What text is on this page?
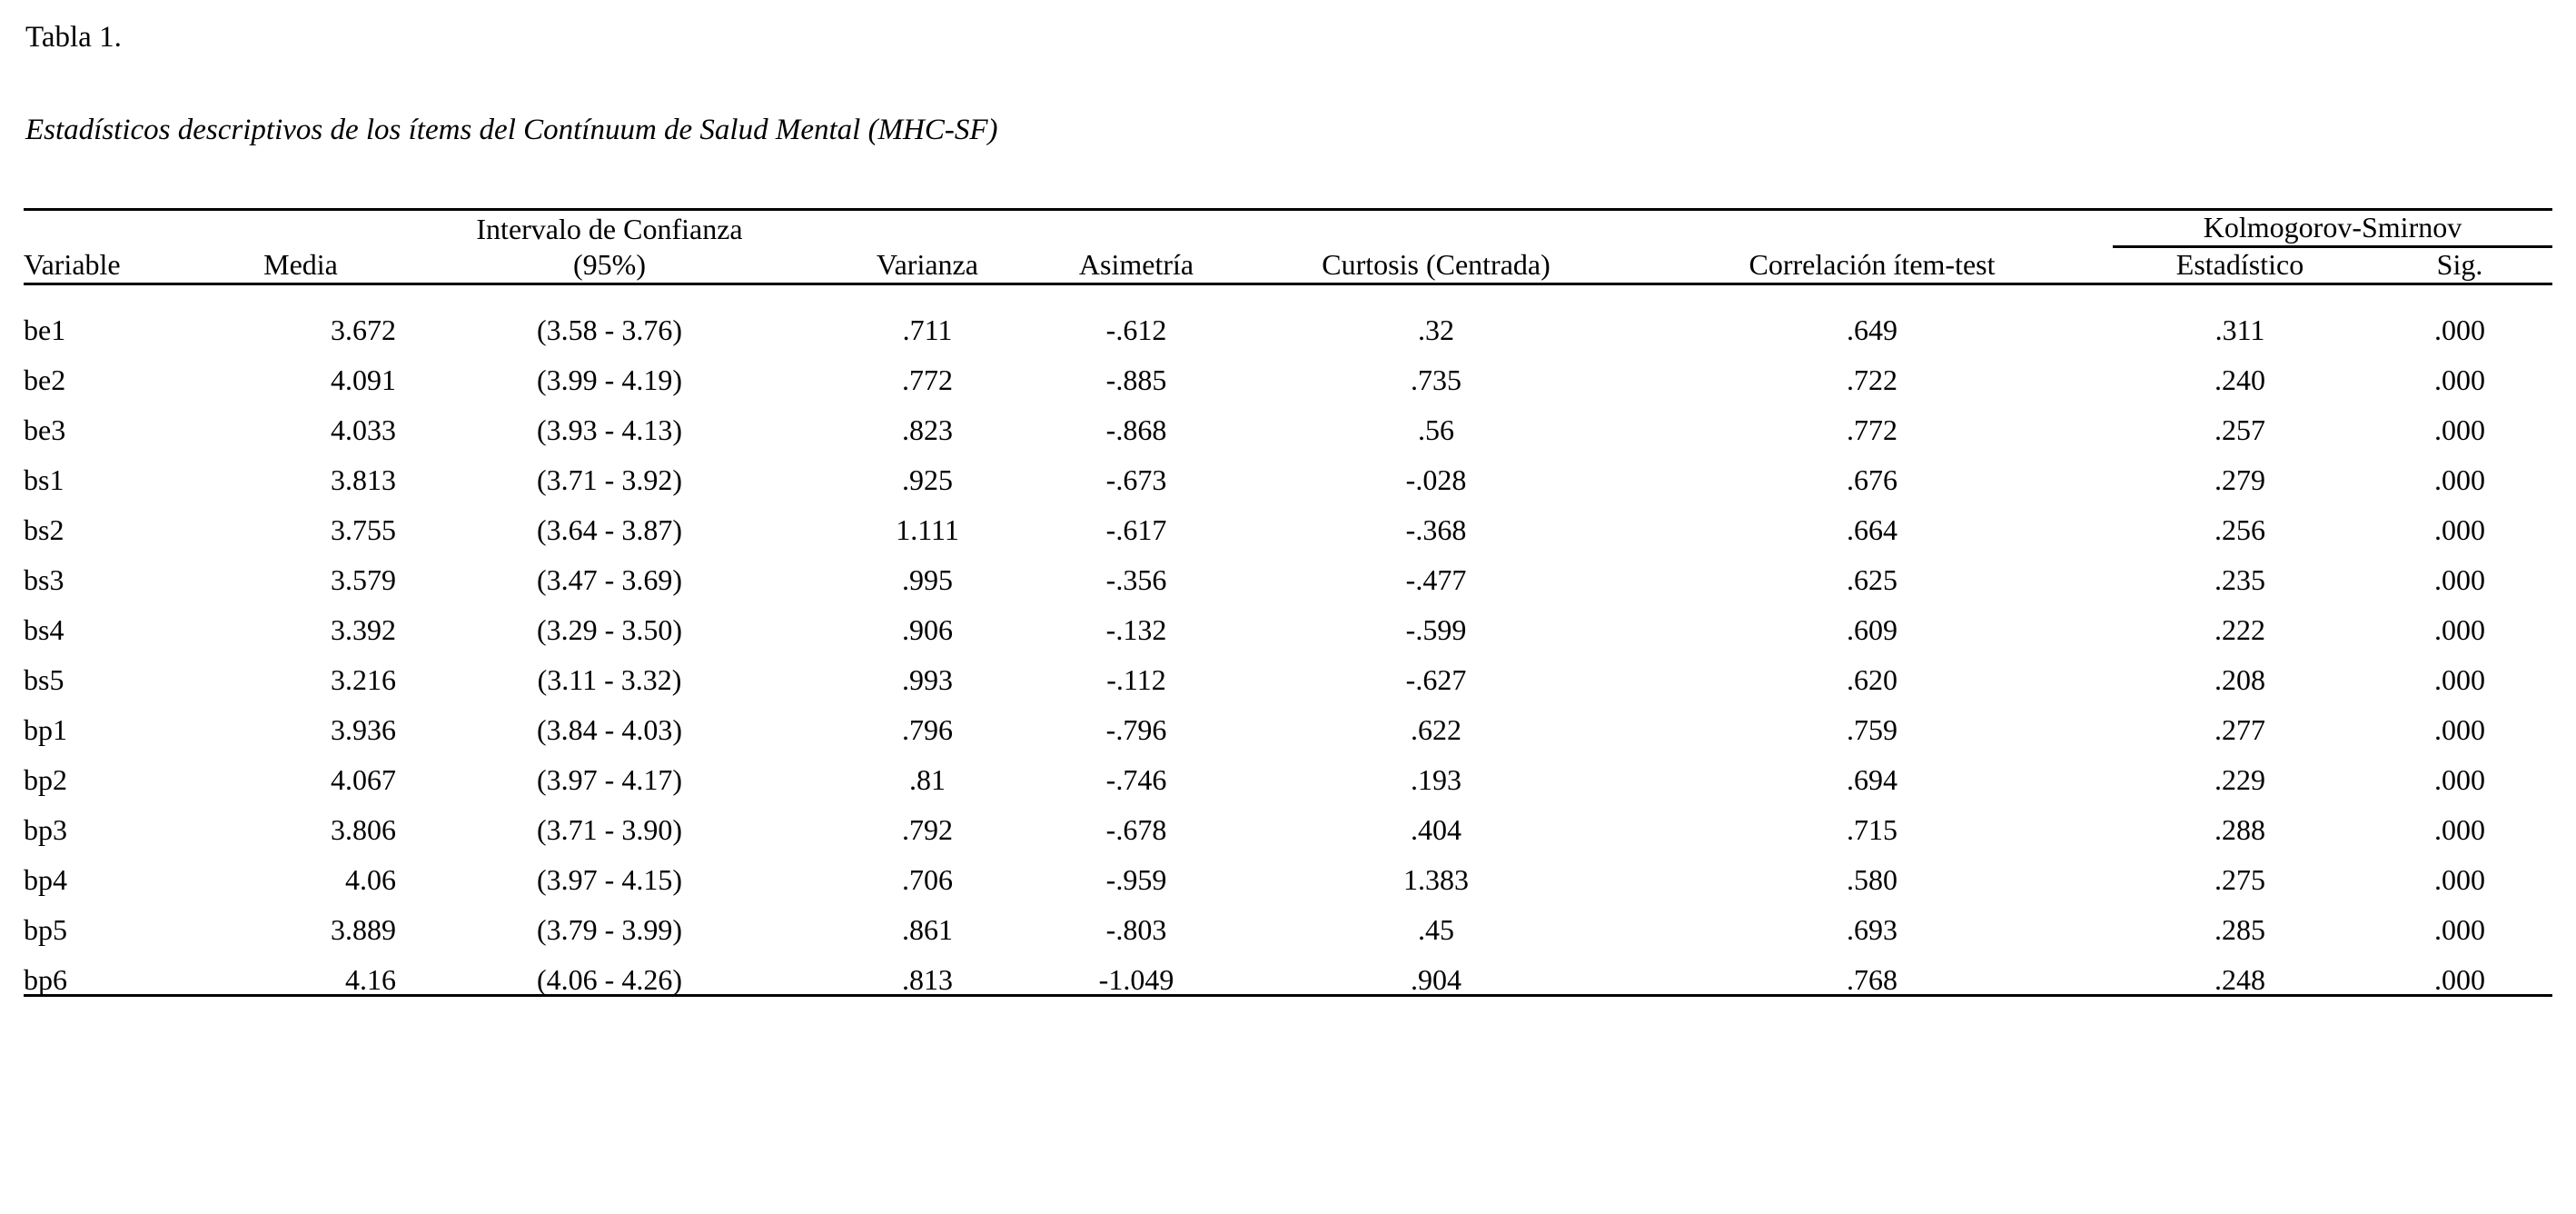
Tabla 1.
Estadísticos descriptivos de los ítems del Contínuum de Salud Mental (MHC-SF)
		Intervalo de Confianza					Kolmogorov-Smirnov	
Variable	Media	(95%)	Varianza	Asimetría	Curtosis (Centrada)	Correlación ítem-test	Estadístico	Sig.
be1	3.672	(3.58 - 3.76)	.711	-.612	.32	.649	.311	.000
be2	4.091	(3.99 - 4.19)	.772	-.885	.735	.722	.240	.000
be3	4.033	(3.93 - 4.13)	.823	-.868	.56	.772	.257	.000
bs1	3.813	(3.71 - 3.92)	.925	-.673	-.028	.676	.279	.000
bs2	3.755	(3.64 - 3.87)	1.111	-.617	-.368	.664	.256	.000
bs3	3.579	(3.47 - 3.69)	.995	-.356	-.477	.625	.235	.000
bs4	3.392	(3.29 - 3.50)	.906	-.132	-.599	.609	.222	.000
bs5	3.216	(3.11 - 3.32)	.993	-.112	-.627	.620	.208	.000
bp1	3.936	(3.84 - 4.03)	.796	-.796	.622	.759	.277	.000
bp2	4.067	(3.97 - 4.17)	.81	-.746	.193	.694	.229	.000
bp3	3.806	(3.71 - 3.90)	.792	-.678	.404	.715	.288	.000
bp4	4.06	(3.97 - 4.15)	.706	-.959	1.383	.580	.275	.000
bp5	3.889	(3.79 - 3.99)	.861	-.803	.45	.693	.285	.000
bp6	4.16	(4.06 - 4.26)	.813	-1.049	.904	.768	.248	.000
